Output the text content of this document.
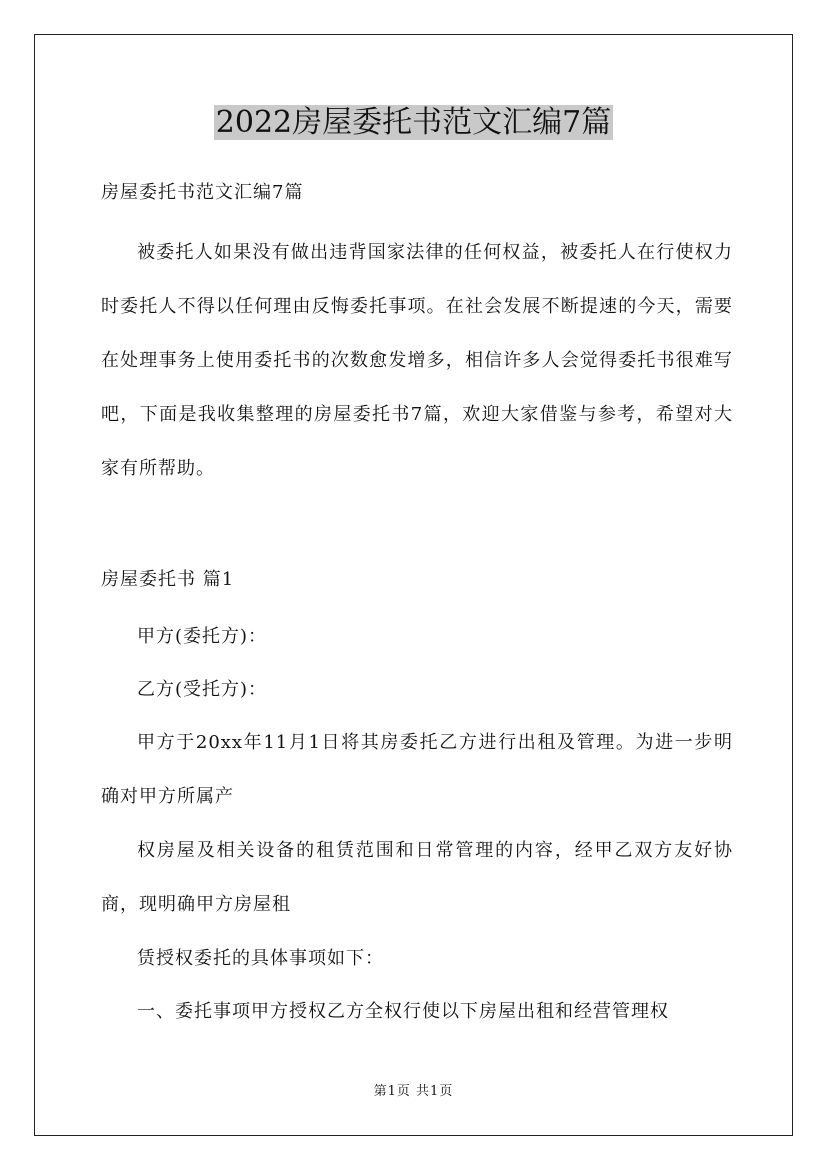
2022房屋委托书范文汇编7篇

房屋委托书范文汇编7篇

被委托人如果没有做出违背国家法律的任何权益，被委托人在行使权力时委托人不得以任何理由反悔委托事项。在社会发展不断提速的今天，需要在处理事务上使用委托书的次数愈发增多，相信许多人会觉得委托书很难写吧，下面是我收集整理的房屋委托书7篇，欢迎大家借鉴与参考，希望对大家有所帮助。

房屋委托书 篇1

甲方(委托方)：

乙方(受托方)：

甲方于20xx年11月1日将其房委托乙方进行出租及管理。为进一步明确对甲方所属产

权房屋及相关设备的租赁范围和日常管理的内容，经甲乙双方友好协商，现明确甲方房屋租

赁授权委托的具体事项如下：

一、委托事项甲方授权乙方全权行使以下房屋出租和经营管理权

第1页 共1页
